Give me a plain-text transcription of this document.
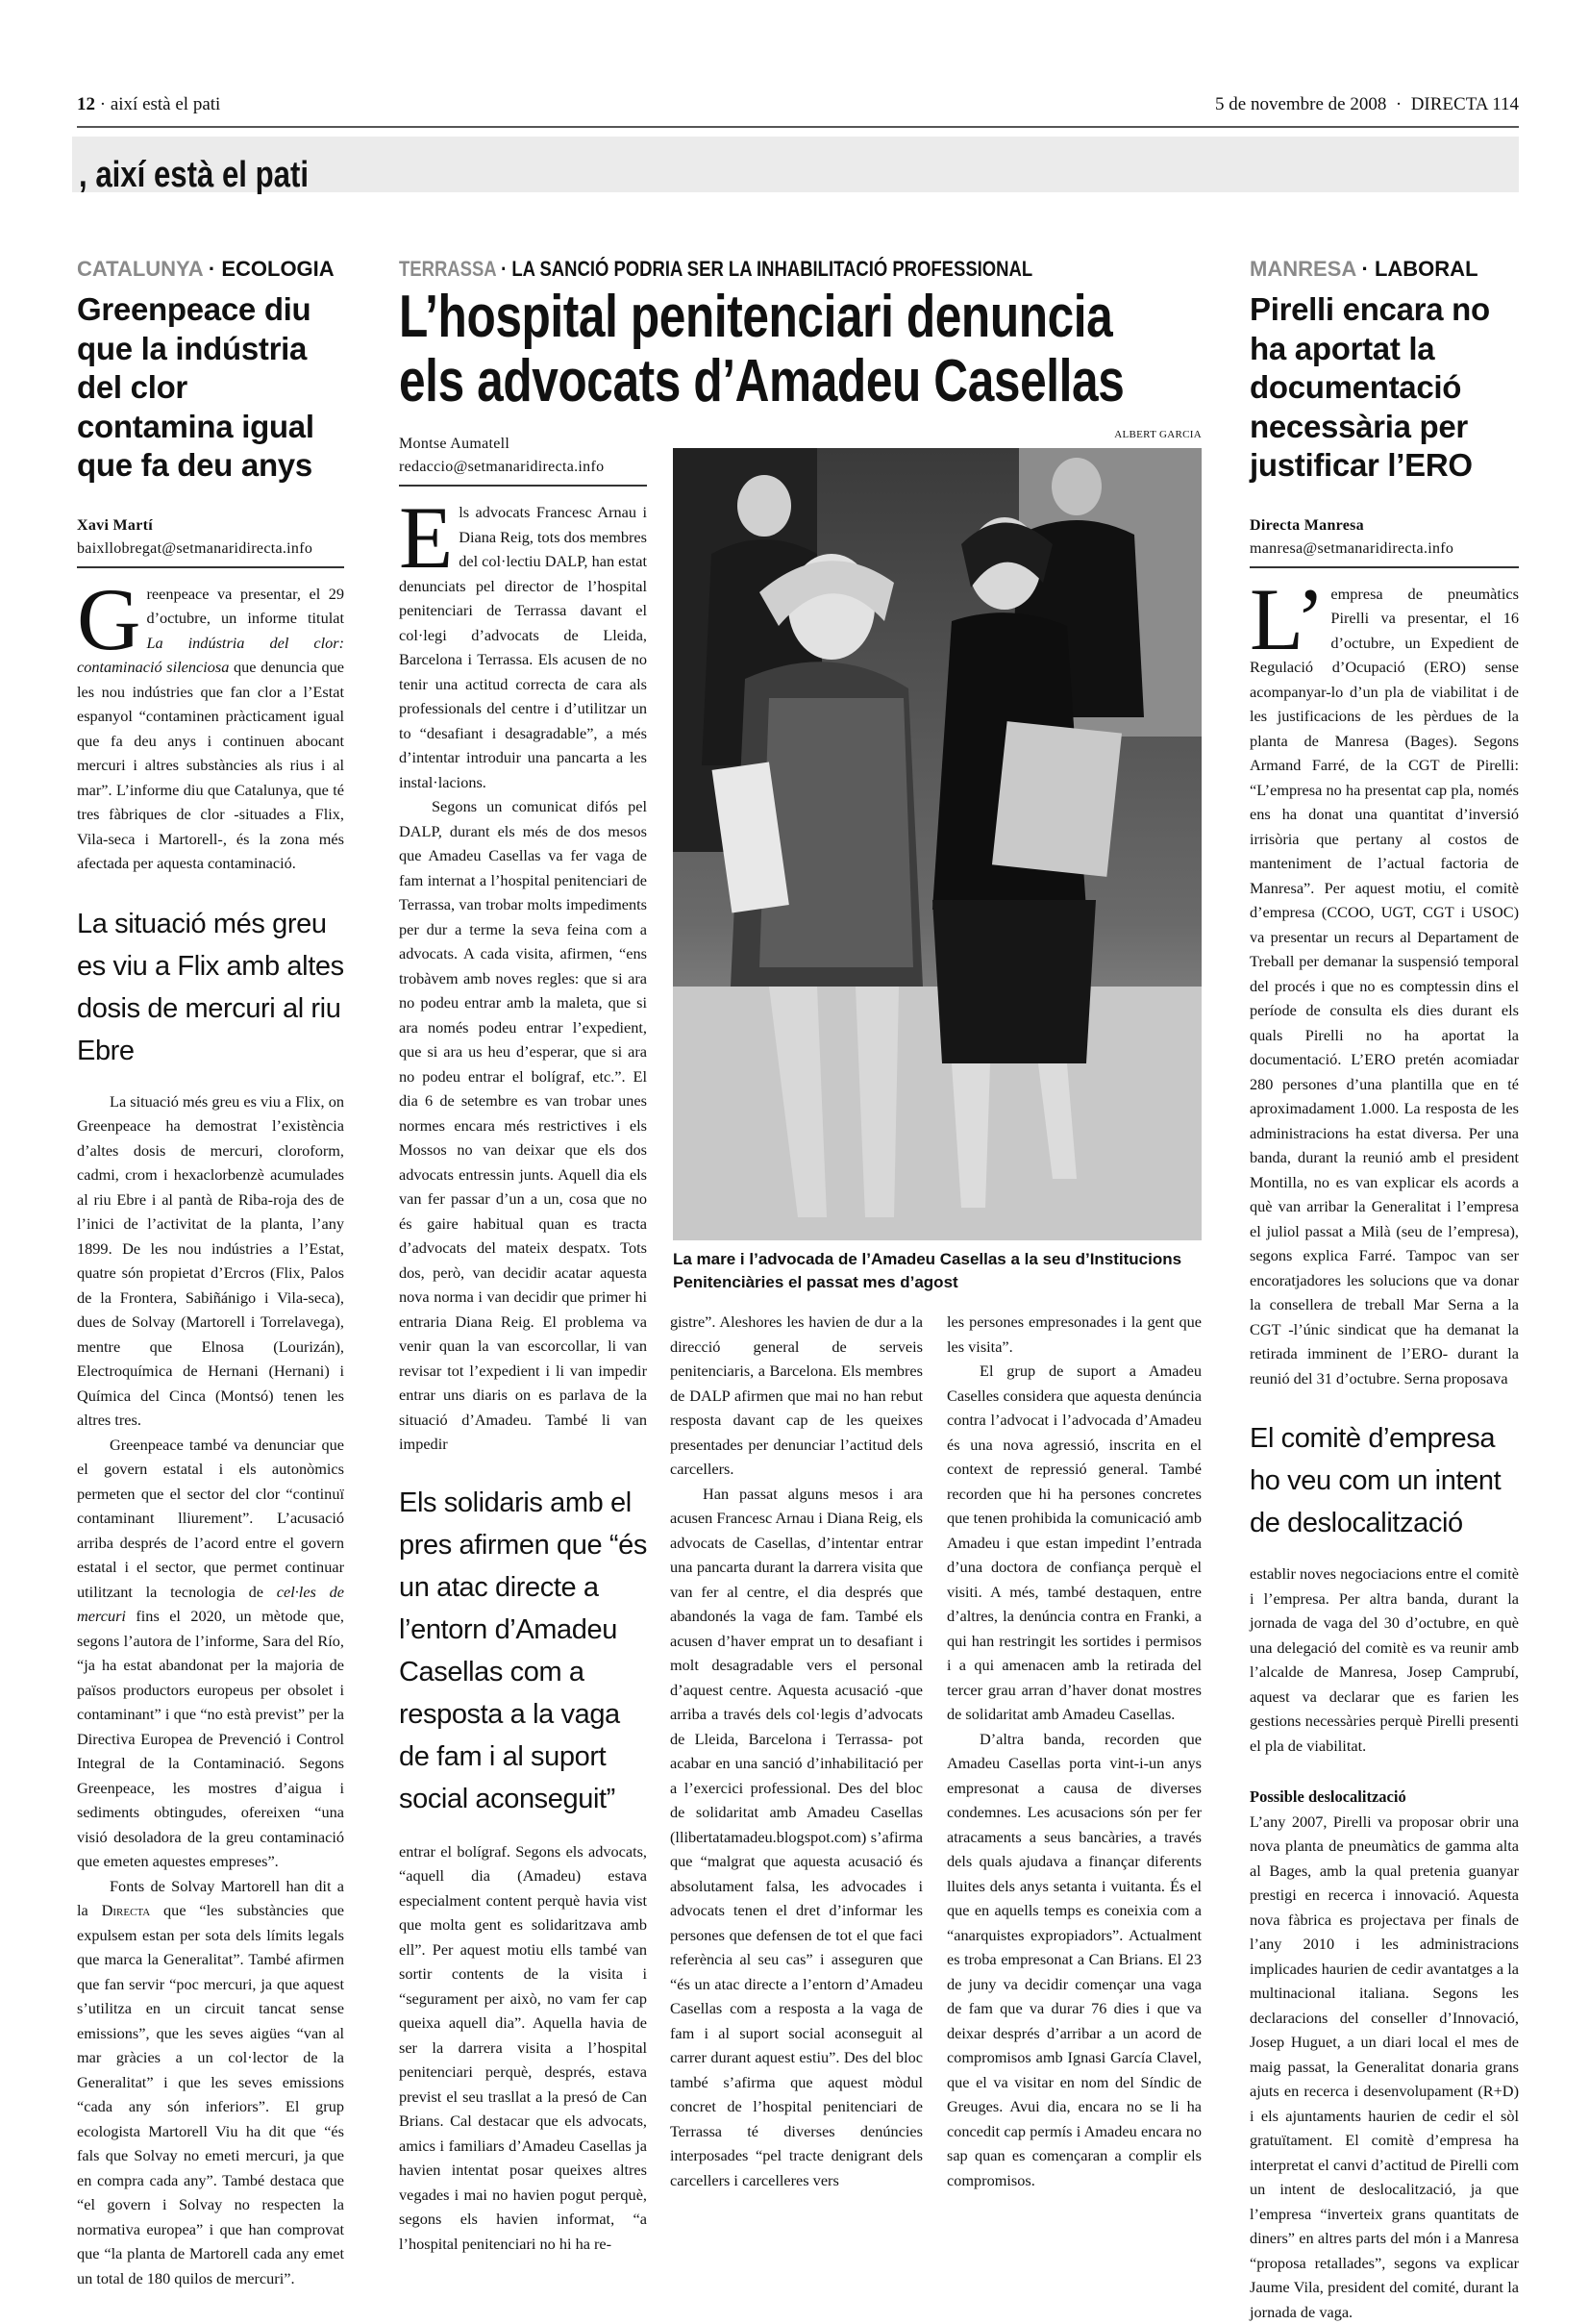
12 · així està el pati	5 de novembre de 2008 · DIRECTA 114
, així està el pati
CATALUNYA · ECOLOGIA
Greenpeace diu que la indústria del clor contamina igual que fa deu anys
Xavi Martí
baixllobregat@setmanaridirecta.info

Greenpeace va presentar, el 29 d’octubre, un informe titulat La indústria del clor: contaminació silenciosa que denuncia que les nou indústries que fan clor a l’Estat espanyol “contaminen pràcticament igual que fa deu anys i continuen abocant mercuri i altres substàncies als rius i al mar”. L’informe diu que Catalunya, que té tres fàbriques de clor -situades a Flix, Vila-seca i Martorell-, és la zona més afectada per aquesta contaminació.

La situació més greu es viu a Flix amb altes dosis de mercuri al riu Ebre

La situació més greu es viu a Flix, on Greenpeace ha demostrat l’existència d’altes dosis de mercuri, cloroform, cadmi, crom i hexaclorbenzè acumulades al riu Ebre i al pantà de Riba-roja des de l’inici de l’activitat de la planta, l’any 1899. De les nou indústries a l’Estat, quatre són propietat d’Ercros (Flix, Palos de la Frontera, Sabiñánigo i Vila-seca), dues de Solvay (Martorell i Torrelavega), mentre que Elnosa (Lourizán), Electroquímica de Hernani (Hernani) i Química del Cinca (Montsó) tenen les altres tres.

Greenpeace també va denunciar que el govern estatal i els autonòmics permeten que el sector del clor “continuï contaminant lliurement”. L’acusació arriba després de l’acord entre el govern estatal i el sector, que permet continuar utilitzant la tecnologia de cel·les de mercuri fins el 2020, un mètode que, segons l’autora de l’informe, Sara del Río, “ja ha estat abandonat per la majoria de països productors europeus per obsolet i contaminant” i que “no està previst” per la Directiva Europea de Prevenció i Control Integral de la Contaminació. Segons Greenpeace, les mostres d’aigua i sediments obtingudes, ofereixen “una visió desoladora de la greu contaminació que emeten aquestes empreses”.

Fonts de Solvay Martorell han dit a la Directa que “les substàncies que expulsem estan per sota dels límits legals que marca la Generalitat”. També afirmen que fan servir “poc mercuri, ja que aquest s’utilitza en un circuit tancat sense emissions”, que les seves aigües “van al mar gràcies a un col·lector de la Generalitat” i que les seves emissions “cada any són inferiors”. El grup ecologista Martorell Viu ha dit que “és fals que Solvay no emeti mercuri, ja que en compra cada any”. També destaca que “el govern i Solvay no respecten la normativa europea” i que han comprovat que “la planta de Martorell cada any emet un total de 180 quilos de mercuri”.

TERRASSA · LA SANCIÓ PODRIA SER LA INHABILITACIÓ PROFESSIONAL
L’hospital penitenciari denuncia
els advocats d’Amadeu Casellas
Montse Aumatell
redaccio@setmanaridirecta.info

Els advocats Francesc Arnau i Diana Reig, tots dos membres del col·lectiu DALP, han estat denunciats pel director de l’hospital penitenciari de Terrassa davant el col·legi d’advocats de Lleida, Barcelona i Terrassa. Els acusen de no tenir una actitud correcta de cara als professionals del centre i d’utilitzar un to “desafiant i desagradable”, a més d’intentar introduir una pancarta a les instal·lacions.

Segons un comunicat difós pel DALP, durant els més de dos mesos que Amadeu Casellas va fer vaga de fam internat a l’hospital penitenciari de Terrassa, van trobar molts impediments per dur a terme la seva feina com a advocats. A cada visita, afirmen, “ens trobàvem amb noves regles: que si ara no podeu entrar amb la maleta, que si ara només podeu entrar l’expedient, que si ara us heu d’esperar, que si ara no podeu entrar el bolígraf, etc.”. El dia 6 de setembre es van trobar unes normes encara més restrictives i els Mossos no van deixar que els dos advocats entressin junts. Aquell dia els van fer passar d’un a un, cosa que no és gaire habitual quan es tracta d’advocats del mateix despatx. Tots dos, però, van decidir acatar aquesta nova norma i van decidir que primer hi entraria Diana Reig. El problema va venir quan la van escorcollar, li van revisar tot l’expedient i li van impedir entrar uns diaris on es parlava de la situació d’Amadeu. També li van impedir

Els solidaris amb el pres afirmen que “és un atac directe a l’entorn d’Amadeu Casellas com a resposta a la vaga de fam i al suport social aconseguit”

entrar el bolígraf. Segons els advocats, “aquell dia (Amadeu) estava especialment content perquè havia vist que molta gent es solidaritzava amb ell”. Per aquest motiu ells també van sortir contents de la visita i “segurament per això, no vam fer cap queixa aquell dia”. Aquella havia de ser la darrera visita a l’hospital penitenciari perquè, després, estava previst el seu trasllat a la presó de Can Brians. Cal destacar que els advocats, amics i familiars d’Amadeu Casellas ja havien intentat posar queixes altres vegades i mai no havien pogut perquè, segons els havien informat, “a l’hospital penitenciari no hi ha re-

ALBERT GARCIA
La mare i l’advocada de l’Amadeu Casellas a la seu d’Institucions Penitenciàries el passat mes d’agost

gistre”. Aleshores les havien de dur a la direcció general de serveis penitenciaris, a Barcelona. Els membres de DALP afirmen que mai no han rebut resposta davant cap de les queixes presentades per denunciar l’actitud dels carcellers.

Han passat alguns mesos i ara acusen Francesc Arnau i Diana Reig, els advocats de Casellas, d’intentar entrar una pancarta durant la darrera visita que van fer al centre, el dia després que abandonés la vaga de fam. També els acusen d’haver emprat un to desafiant i molt desagradable vers el personal d’aquest centre. Aquesta acusació -que arriba a través dels col·legis d’advocats de Lleida, Barcelona i Terrassa- pot acabar en una sanció d’inhabilitació per a l’exercici professional. Des del bloc de solidaritat amb Amadeu Casellas (llibertatamadeu.blogspot.com) s’afirma que “malgrat que aquesta acusació és absolutament falsa, les advocades i advocats tenen el dret d’informar les persones que defensen de tot el que faci referència al seu cas” i asseguren que “és un atac directe a l’entorn d’Amadeu Casellas com a resposta a la vaga de fam i al suport social aconseguit al carrer durant aquest estiu”. Des del bloc també s’afirma que aquest mòdul concret de l’hospital penitenciari de Terrassa té diverses denúncies interposades “pel tracte denigrant dels carcellers i carcelleres vers

les persones empresonades i la gent que les visita”.

El grup de suport a Amadeu Caselles considera que aquesta denúncia contra l’advocat i l’advocada d’Amadeu és una nova agressió, inscrita en el context de repressió general. També recorden que hi ha persones concretes que tenen prohibida la comunicació amb Amadeu i que estan impedint l’entrada d’una doctora de confiança perquè el visiti. A més, també destaquen, entre d’altres, la denúncia contra en Franki, a qui han restringit les sortides i permisos i a qui amenacen amb la retirada del tercer grau arran d’haver donat mostres de solidaritat amb Amadeu Casellas.

D’altra banda, recorden que Amadeu Casellas porta vint-i-un anys empresonat a causa de diverses condemnes. Les acusacions són per fer atracaments a seus bancàries, a través dels quals ajudava a finançar diferents lluites dels anys setanta i vuitanta. És el que en aquells temps es coneixia com a “anarquistes expropiadors”. Actualment es troba empresonat a Can Brians. El 23 de juny va decidir començar una vaga de fam que va durar 76 dies i que va deixar després d’arribar a un acord de compromisos amb Ignasi García Clavel, que el va visitar en nom del Síndic de Greuges. Avui dia, encara no se li ha concedit cap permís i Amadeu encara no sap quan es començaran a complir els compromisos.

MANRESA · LABORAL
Pirelli encara no ha aportat la documentació necessària per justificar l’ERO
Directa Manresa
manresa@setmanaridirecta.info

L’ empresa de pneumàtics Pirelli va presentar, el 16 d’octubre, un Expedient de Regulació d’Ocupació (ERO) sense acompanyar-lo d’un pla de viabilitat i de les justificacions de les pèrdues de la planta de Manresa (Bages). Segons Armand Farré, de la CGT de Pirelli: “L’empresa no ha presentat cap pla, només ens ha donat una quantitat d’inversió irrisòria que pertany al costos de manteniment de l’actual factoria de Manresa”. Per aquest motiu, el comitè d’empresa (CCOO, UGT, CGT i USOC) va presentar un recurs al Departament de Treball per demanar la suspensió temporal del procés i que no es comptessin dins el període de consulta els dies durant els quals Pirelli no ha aportat la documentació. L’ERO pretén acomiadar 280 persones d’una plantilla que en té aproximadament 1.000. La resposta de les administracions ha estat diversa. Per una banda, durant la reunió amb el president Montilla, no es van explicar els acords a què van arribar la Generalitat i l’empresa el juliol passat a Milà (seu de l’empresa), segons explica Farré. Tampoc van ser encoratjadores les solucions que va donar la consellera de treball Mar Serna a la CGT -l’únic sindicat que ha demanat la retirada imminent de l’ERO- durant la reunió del 31 d’octubre. Serna proposava

El comitè d’empresa ho veu com un intent de deslocalització

establir noves negociacions entre el comitè i l’empresa. Per altra banda, durant la jornada de vaga del 30 d’octubre, en què una delegació del comitè es va reunir amb l’alcalde de Manresa, Josep Camprubí, aquest va declarar que es farien les gestions necessàries perquè Pirelli presenti el pla de viabilitat.

Possible deslocalització

L’any 2007, Pirelli va proposar obrir una nova planta de pneumàtics de gamma alta al Bages, amb la qual pretenia guanyar prestigi en recerca i innovació. Aquesta nova fàbrica es projectava per finals de l’any 2010 i les administracions implicades haurien de cedir avantatges a la multinacional italiana. Segons les declaracions del conseller d’Innovació, Josep Huguet, a un diari local el mes de maig passat, la Generalitat donaria grans ajuts en recerca i desenvolupament (R+D) i els ajuntaments haurien de cedir el sòl gratuïtament. El comitè d’empresa ha interpretat el canvi d’actitud de Pirelli com un intent de deslocalització, ja que l’empresa “inverteix grans quantitats de diners” en altres parts del món i a Manresa “proposa retallades”, segons va explicar Jaume Vila, president del comité, durant la jornada de vaga.
